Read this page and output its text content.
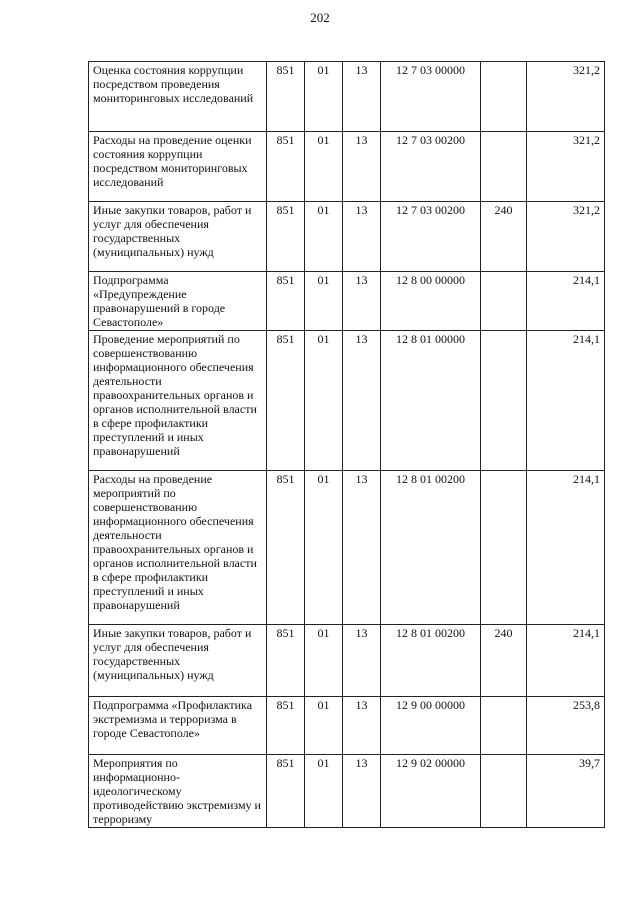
202
Оценка состояния коррупции посредством проведения мониторинговых исследований	851	01	13	12 7 03 00000		321,2
Расходы на проведение оценки состояния коррупции посредством мониторинговых исследований	851	01	13	12 7 03 00200		321,2
Иные закупки товаров, работ и услуг для обеспечения государственных (муниципальных) нужд	851	01	13	12 7 03 00200	240	321,2
Подпрограмма «Предупреждение правонарушений в городе Севастополе»	851	01	13	12 8 00 00000		214,1
Проведение мероприятий по совершенствованию информационного обеспечения деятельности правоохранительных органов и органов исполнительной власти в сфере профилактики преступлений и иных правонарушений	851	01	13	12 8 01 00000		214,1
Расходы на проведение мероприятий по совершенствованию информационного обеспечения деятельности правоохранительных органов и органов исполнительной власти в сфере профилактики преступлений и иных правонарушений	851	01	13	12 8 01 00200		214,1
Иные закупки товаров, работ и услуг для обеспечения государственных (муниципальных) нужд	851	01	13	12 8 01 00200	240	214,1
Подпрограмма «Профилактика экстремизма и терроризма в городе Севастополе»	851	01	13	12 9 00 00000		253,8
Мероприятия по информационно-идеологическому противодействию экстремизму и терроризму	851	01	13	12 9 02 00000		39,7
